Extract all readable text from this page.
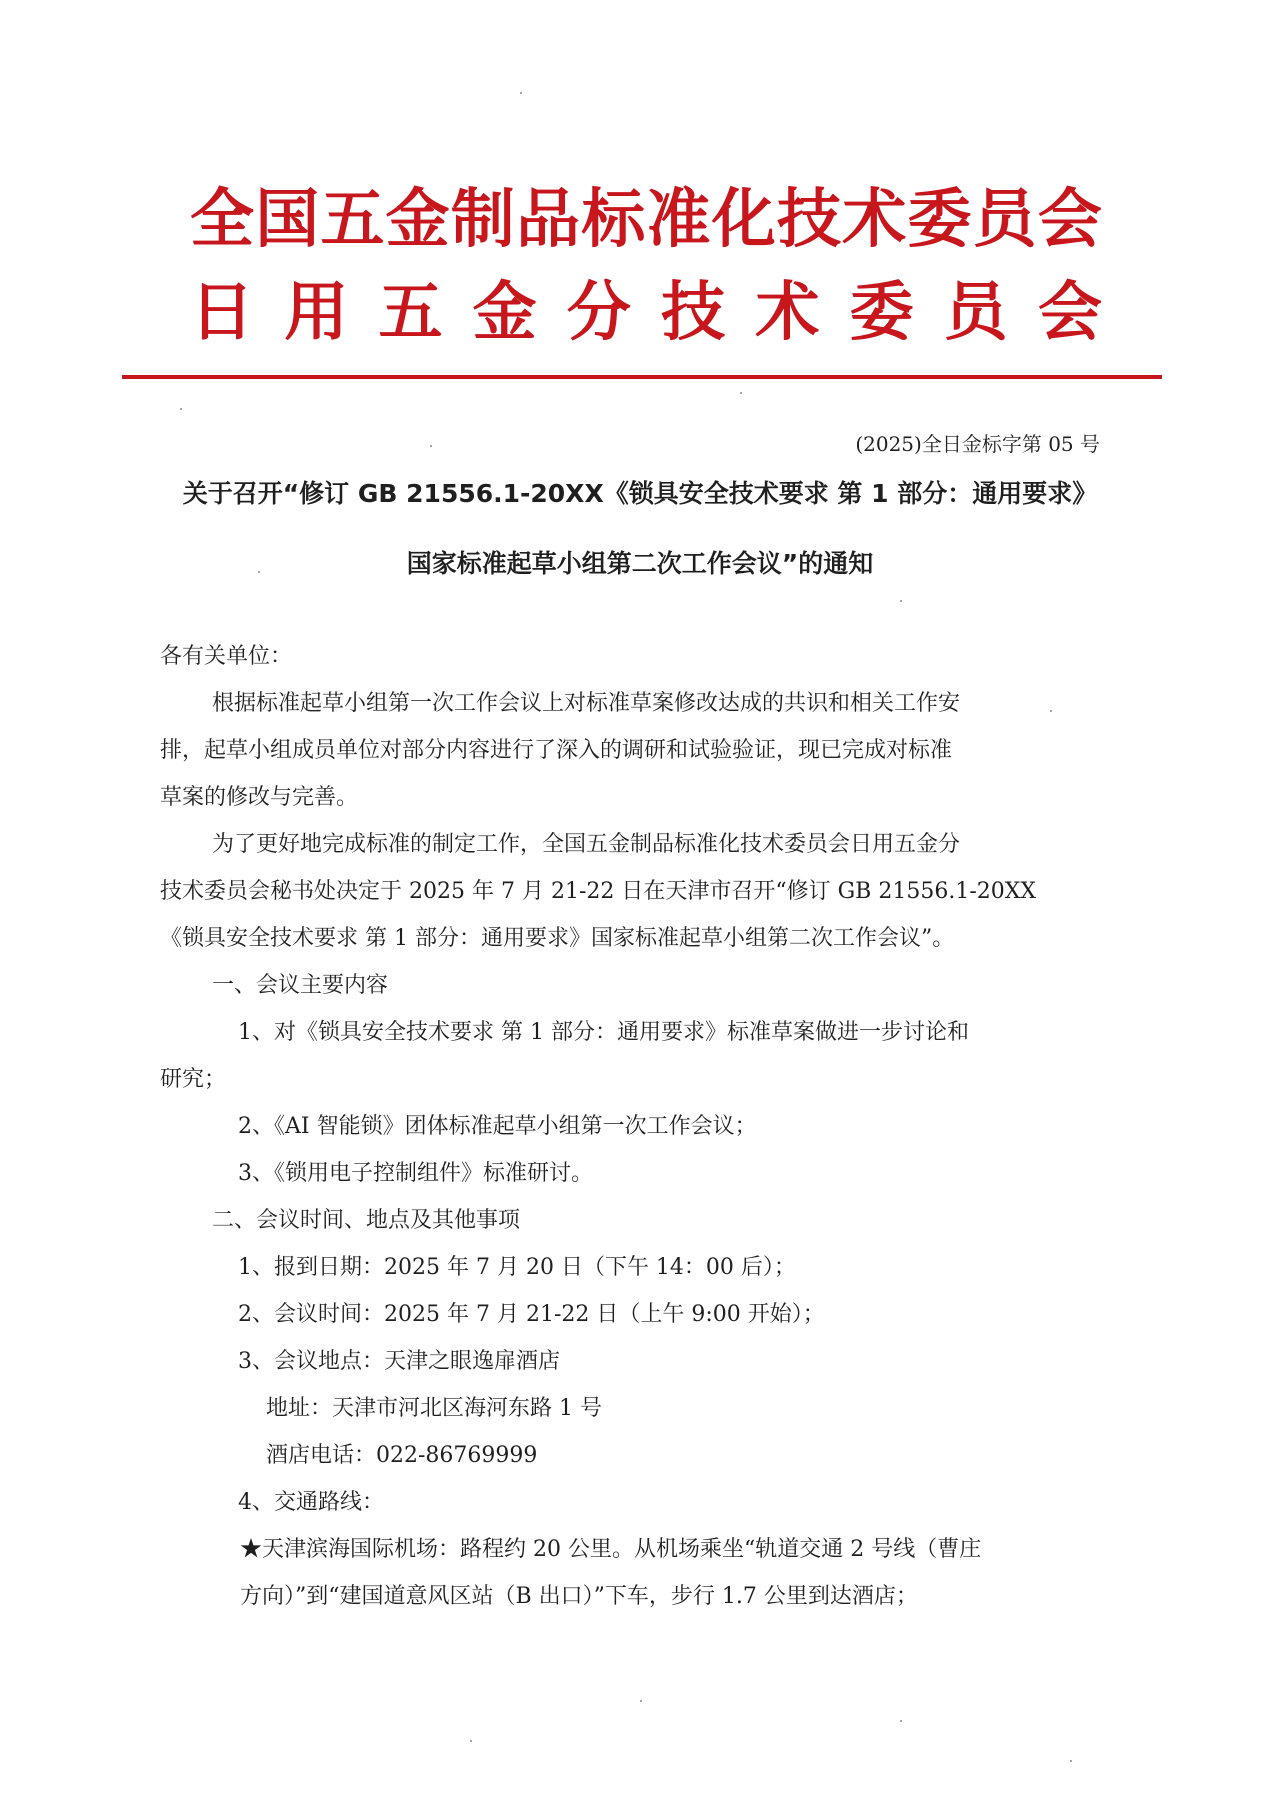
全 国 五 金 制 品 标 准 化 技 术 委 员 会
日 用 五 金 分 技 术 委 员 会
(2025)全日金标字第 05 号
关于召开“修订 GB 21556.1-20XX《锁具安全技术要求 第 1 部分：通用要求》
国家标准起草小组第二次工作会议”的通知

各有关单位：

根据标准起草小组第一次工作会议上对标准草案修改达成的共识和相关工作安

排，起草小组成员单位对部分内容进行了深入的调研和试验验证，现已完成对标准

草案的修改与完善。

为了更好地完成标准的制定工作，全国五金制品标准化技术委员会日用五金分

技术委员会秘书处决定于 2025 年 7 月 21-22 日在天津市召开“修订 GB 21556.1-20XX

《锁具安全技术要求 第 1 部分：通用要求》国家标准起草小组第二次工作会议”。

一、会议主要内容

1、对《锁具安全技术要求 第 1 部分：通用要求》标准草案做进一步讨论和

研究；

2、《AI 智能锁》团体标准起草小组第一次工作会议；

3、《锁用电子控制组件》标准研讨。

二、会议时间、地点及其他事项

1、报到日期：2025 年 7 月 20 日（下午 14：00 后）；

2、会议时间：2025 年 7 月 21-22 日（上午 9:00 开始）；

3、会议地点：天津之眼逸扉酒店

地址：天津市河北区海河东路 1 号

酒店电话：022-86769999

4、交通路线：

★天津滨海国际机场：路程约 20 公里。从机场乘坐“轨道交通 2 号线（曹庄

方向）”到“建国道意风区站（B 出口）”下车，步行 1.7 公里到达酒店；
